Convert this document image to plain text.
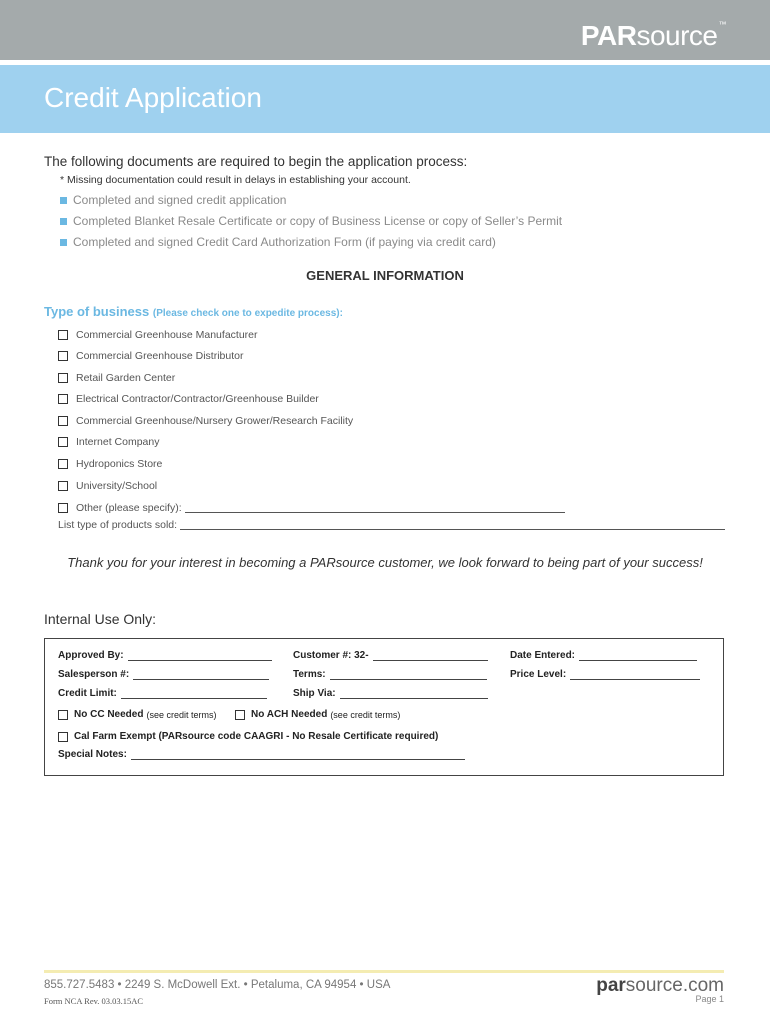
PARsource™
Credit Application
The following documents are required to begin the application process:
* Missing documentation could result in delays in establishing your account.
Completed and signed credit application
Completed Blanket Resale Certificate or copy of Business License or copy of Seller’s Permit
Completed and signed Credit Card Authorization Form (if paying via credit card)
GENERAL INFORMATION
Type of business (Please check one to expedite process):
Commercial Greenhouse Manufacturer
Commercial Greenhouse Distributor
Retail Garden Center
Electrical Contractor/Contractor/Greenhouse Builder
Commercial Greenhouse/Nursery Grower/Research Facility
Internet Company
Hydroponics Store
University/School
Other (please specify):
List type of products sold:
Thank you for your interest in becoming a PARsource customer, we look forward to being part of your success!
Internal Use Only:
Approved By:	Customer #: 32-	Date Entered:
Salesperson #:	Terms:	Price Level:
Credit Limit:	Ship Via:
No CC Needed (see credit terms)	No ACH Needed (see credit terms)
Cal Farm Exempt (PARsource code CAAGRI - No Resale Certificate required)
Special Notes:
855.727.5483 • 2249 S. McDowell Ext. • Petaluma, CA 94954 • USA
Form NCA Rev. 03.03.15AC
parsource.com
Page 1
